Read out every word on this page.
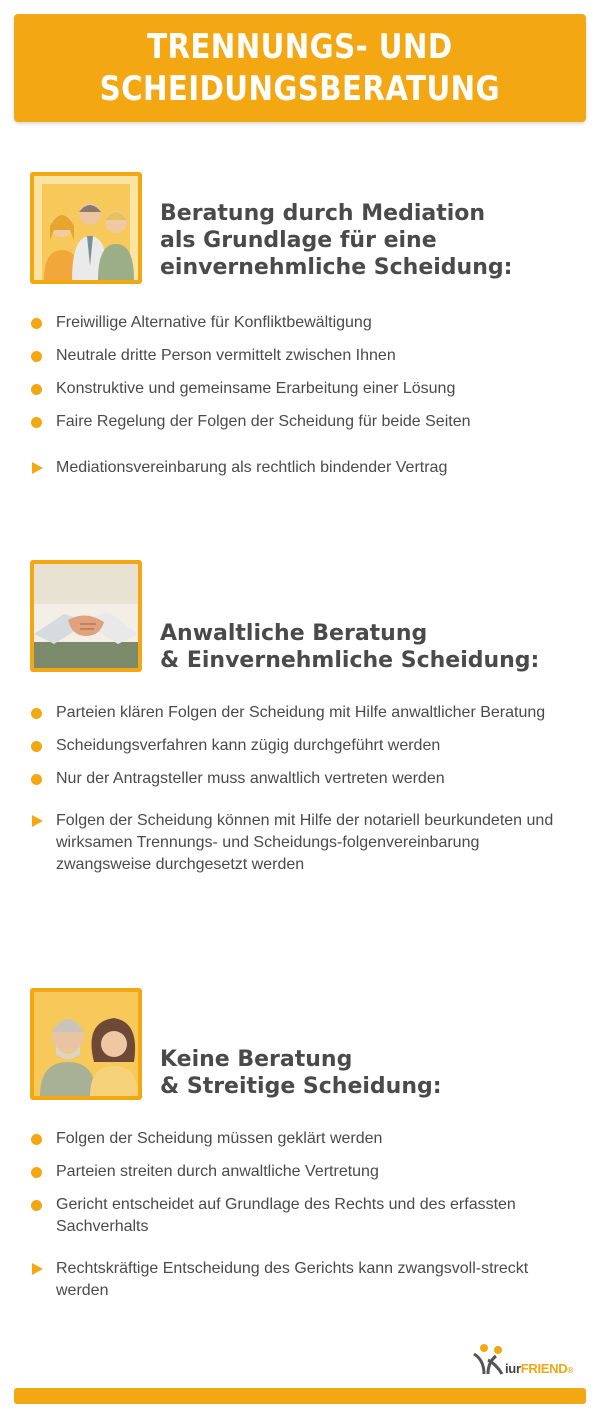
TRENNUNGS- UND
SCHEIDUNGSBERATUNG
Beratung durch Mediation
als Grundlage für eine
einvernehmliche Scheidung:
Freiwillige Alternative für Konfliktbewältigung
Neutrale dritte Person vermittelt zwischen Ihnen
Konstruktive und gemeinsame Erarbeitung einer Lösung
Faire Regelung der Folgen der Scheidung für beide Seiten
Mediationsvereinbarung als rechtlich bindender Vertrag
Anwaltliche Beratung
& Einvernehmliche Scheidung:
Parteien klären Folgen der Scheidung mit Hilfe anwaltlicher Beratung
Scheidungsverfahren kann zügig durchgeführt werden
Nur der Antragsteller muss anwaltlich vertreten werden
Folgen der Scheidung können mit Hilfe der notariell beurkundeten und wirksamen Trennungs- und Scheidungs-folgenvereinbarung zwangsweise durchgesetzt werden
Keine Beratung
& Streitige Scheidung:
Folgen der Scheidung müssen geklärt werden
Parteien streiten durch anwaltliche Vertretung
Gericht entscheidet auf Grundlage des Rechts und des erfassten Sachverhalts
Rechtskräftige Entscheidung des Gerichts kann zwangsvoll-streckt werden
iurFRIEND®
